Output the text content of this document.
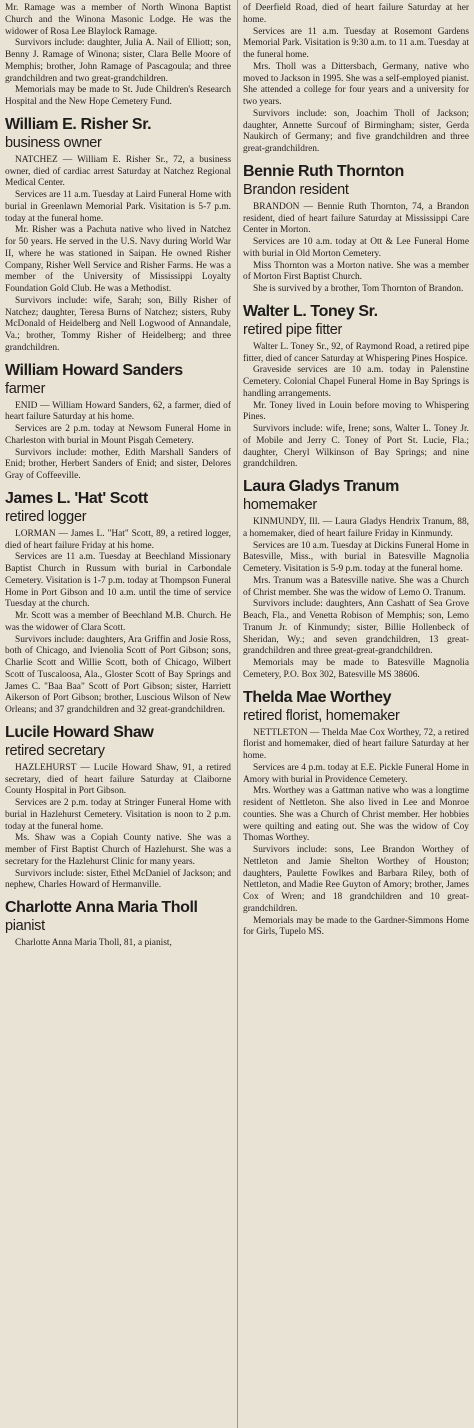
Mr. Ramage was a member of North Winona Baptist Church and the Winona Masonic Lodge. He was the widower of Rosa Lee Blaylock Ramage.

Survivors include: daughter, Julia A. Nail of Elliott; son, Benny J. Ramage of Winona; sister, Clara Belle Moore of Memphis; brother, John Ramage of Pascagoula; and three grandchildren and two great-grandchildren.

Memorials may be made to St. Jude Children's Research Hospital and the New Hope Cemetery Fund.

William E. Risher Sr.
business owner

NATCHEZ — William E. Risher Sr., 72, a business owner, died of cardiac arrest Saturday at Natchez Regional Medical Center.

Services are 11 a.m. Tuesday at Laird Funeral Home with burial in Greenlawn Memorial Park. Visitation is 5-7 p.m. today at the funeral home.

Mr. Risher was a Pachuta native who lived in Natchez for 50 years. He served in the U.S. Navy during World War II, where he was stationed in Saipan. He owned Risher Company, Risher Well Service and Risher Farms. He was a member of the University of Mississippi Loyalty Foundation Gold Club. He was a Methodist.

Survivors include: wife, Sarah; son, Billy Risher of Natchez; daughter, Teresa Burns of Natchez; sisters, Ruby McDonald of Heidelberg and Nell Logwood of Annandale, Va.; brother, Tommy Risher of Heidelberg; and three grandchildren.

William Howard Sanders
farmer

ENID — William Howard Sanders, 62, a farmer, died of heart failure Saturday at his home.

Services are 2 p.m. today at Newsom Funeral Home in Charleston with burial in Mount Pisgah Cemetery.

Survivors include: mother, Edith Marshall Sanders of Enid; brother, Herbert Sanders of Enid; and sister, Delores Gray of Coffeeville.

James L. 'Hat' Scott
retired logger

LORMAN — James L. "Hat" Scott, 89, a retired logger, died of heart failure Friday at his home.

Services are 11 a.m. Tuesday at Beechland Missionary Baptist Church in Russum with burial in Carbondale Cemetery. Visitation is 1-7 p.m. today at Thompson Funeral Home in Port Gibson and 10 a.m. until the time of service Tuesday at the church.

Mr. Scott was a member of Beechland M.B. Church. He was the widower of Clara Scott.

Survivors include: daughters, Ara Griffin and Josie Ross, both of Chicago, and Ivienolia Scott of Port Gibson; sons, Charlie Scott and Willie Scott, both of Chicago, Wilbert Scott of Tuscaloosa, Ala., Gloster Scott of Bay Springs and James C. "Baa Baa" Scott of Port Gibson; sister, Harriett Aikerson of Port Gibson; brother, Luscious Wilson of New Orleans; and 37 grandchildren and 32 great-grandchildren.

Lucile Howard Shaw
retired secretary

HAZLEHURST — Lucile Howard Shaw, 91, a retired secretary, died of heart failure Saturday at Claiborne County Hospital in Port Gibson.

Services are 2 p.m. today at Stringer Funeral Home with burial in Hazlehurst Cemetery. Visitation is noon to 2 p.m. today at the funeral home.

Ms. Shaw was a Copiah County native. She was a member of First Baptist Church of Hazlehurst. She was a secretary for the Hazlehurst Clinic for many years.

Survivors include: sister, Ethel McDaniel of Jackson; and nephew, Charles Howard of Hermanville.

Charlotte Anna Maria Tholl
pianist

Charlotte Anna Maria Tholl, 81, a pianist,

of Deerfield Road, died of heart failure Saturday at her home.

Services are 11 a.m. Tuesday at Rosemont Gardens Memorial Park. Visitation is 9:30 a.m. to 11 a.m. Tuesday at the funeral home.

Mrs. Tholl was a Dittersbach, Germany, native who moved to Jackson in 1995. She was a self-employed pianist. She attended a college for four years and a university for two years.

Survivors include: son, Joachim Tholl of Jackson; daughter, Annette Surcouf of Birmingham; sister, Gerda Naukirch of Germany; and five grandchildren and three great-grandchildren.

Bennie Ruth Thornton
Brandon resident

BRANDON — Bennie Ruth Thornton, 74, a Brandon resident, died of heart failure Saturday at Mississippi Care Center in Morton.

Services are 10 a.m. today at Ott & Lee Funeral Home with burial in Old Morton Cemetery.

Miss Thornton was a Morton native. She was a member of Morton First Baptist Church.

She is survived by a brother, Tom Thornton of Brandon.

Walter L. Toney Sr.
retired pipe fitter

Walter L. Toney Sr., 92, of Raymond Road, a retired pipe fitter, died of cancer Saturday at Whispering Pines Hospice.

Graveside services are 10 a.m. today in Palenstine Cemetery. Colonial Chapel Funeral Home in Bay Springs is handling arrangements.

Mr. Toney lived in Louin before moving to Whispering Pines.

Survivors include: wife, Irene; sons, Walter L. Toney Jr. of Mobile and Jerry C. Toney of Port St. Lucie, Fla.; daughter, Cheryl Wilkinson of Bay Springs; and nine grandchildren.

Laura Gladys Tranum
homemaker

KINMUNDY, Ill. — Laura Gladys Hendrix Tranum, 88, a homemaker, died of heart failure Friday in Kinmundy.

Services are 10 a.m. Tuesday at Dickins Funeral Home in Batesville, Miss., with burial in Batesville Magnolia Cemetery. Visitation is 5-9 p.m. today at the funeral home.

Mrs. Tranum was a Batesville native. She was a Church of Christ member. She was the widow of Lemo O. Tranum.

Survivors include: daughters, Ann Cashatt of Sea Grove Beach, Fla., and Venetta Robison of Memphis; son, Lemo Tranum Jr. of Kinmundy; sister, Billie Hollenbeck of Sheridan, Wy.; and seven grandchildren, 13 great-grandchildren and three great-great-grandchildren.

Memorials may be made to Batesville Magnolia Cemetery, P.O. Box 302, Batesville MS 38606.

Thelda Mae Worthey
retired florist, homemaker

NETTLETON — Thelda Mae Cox Worthey, 72, a retired florist and homemaker, died of heart failure Saturday at her home.

Services are 4 p.m. today at E.E. Pickle Funeral Home in Amory with burial in Providence Cemetery.

Mrs. Worthey was a Gattman native who was a longtime resident of Nettleton. She also lived in Lee and Monroe counties. She was a Church of Christ member. Her hobbies were quilting and eating out. She was the widow of Coy Thomas Worthey.

Survivors include: sons, Lee Brandon Worthey of Nettleton and Jamie Shelton Worthey of Houston; daughters, Paulette Fowlkes and Barbara Riley, both of Nettleton, and Madie Ree Guyton of Amory; brother, James Cox of Wren; and 18 grandchildren and 10 great-grandchildren.

Memorials may be made to the Gardner-Simmons Home for Girls, Tupelo MS.
